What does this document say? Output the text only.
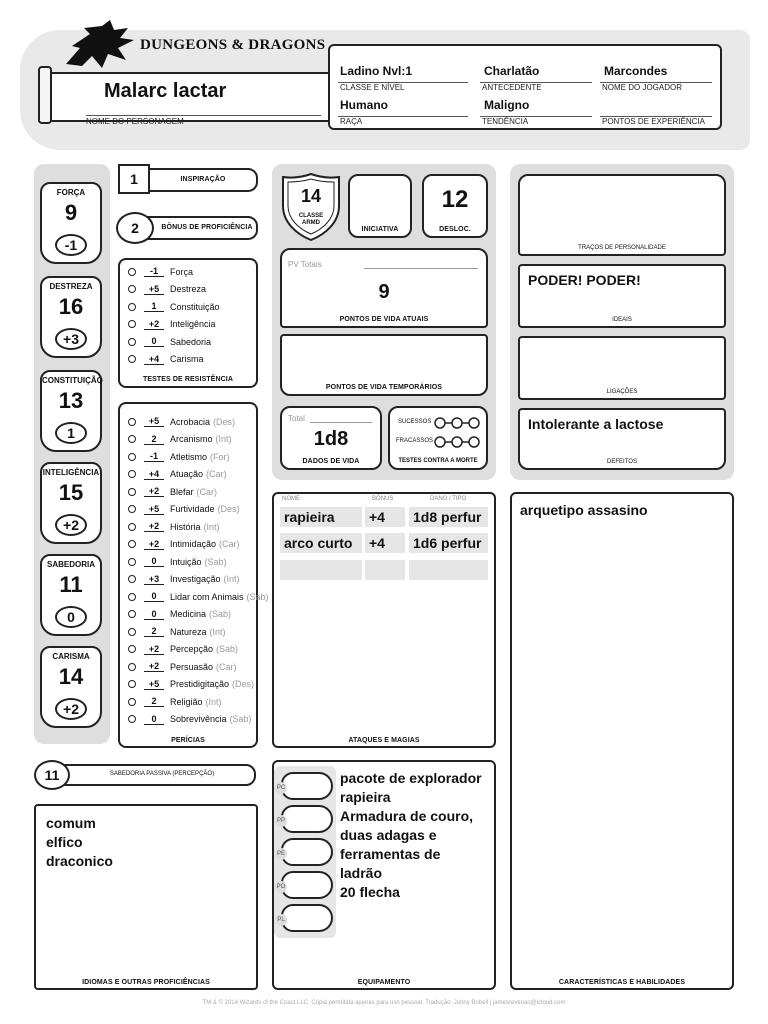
DUNGEONS & DRAGONS
Malarc lactar
NOME DO PERSONAGEM
Ladino Nvl:1
CLASSE E NÍVEL
Charlatão
ANTECEDENTE
Marcondes
NOME DO JOGADOR
Humano
RAÇA
Maligno
TENDÊNCIA	PONTOS DE EXPERIÊNCIA
FORÇA
9
-1
DESTREZA
16
+3
CONSTITUIÇÃO
13
1
INTELIGÊNCIA
15
+2
SABEDORIA
11
0
CARISMA
14
+2
1	INSPIRAÇÃO
2	BÔNUS DE PROFICIÊNCIA
-1	Força
+5	Destreza
1	Constituição
+2	Inteligência
0	Sabedoria
+4	Carisma
TESTES DE RESISTÊNCIA
+5	Acrobacia (Des)
2	Arcanismo (Int)
-1	Atletismo (For)
+4	Atuação (Car)
+2	Blefar (Car)
+5	Furtividade (Des)
+2	História (Int)
+2	Intimidação (Car)
0	Intuição (Sab)
+3	Investigação (Int)
0	Lidar com Animais (Sab)
0	Medicina (Sab)
2	Natureza (Int)
+2	Percepção (Sab)
+2	Persuasão (Car)
+5	Prestidigitação (Des)
2	Religião (Int)
0	Sobrevivência (Sab)
PERÍCIAS
11	SABEDORIA PASSIVA (PERCEPÇÃO)
comum
elfico
draconico
IDIOMAS E OUTRAS PROFICIÊNCIAS
14
CLASSE
ARMD
INICIATIVA
12
DESLOC.
PV Totais
9
PONTOS DE VIDA ATUAIS
PONTOS DE VIDA TEMPORÁRIOS
Total
1d8
DADOS DE VIDA
SUCESSOS
FRACASSOS
TESTES CONTRA A MORTE
NOME	BÔNUS	DANO / TIPO
rapieira	+4	1d8 perfur
arco curto	+4	1d6 perfur
ATAQUES E MAGIAS
PC
PP
PE
PO
PL
pacote de explorador
rapieira
Armadura de couro,
duas adagas e
ferramentas de
ladrão
20 flecha
EQUIPAMENTO
TRAÇOS DE PERSONALIDADE
PODER! PODER!
IDEAIS
LIGAÇÕES
Intolerante a lactose
DEFEITOS
arquetipo assasino
CARACTERÍSTICAS E HABILIDADES
TM & © 2014 Wizards of the Coast LLC. Cópia permitida apenas para uso pessoal. Tradução: Johny Bobell | jamesrevenan@icloud.com
